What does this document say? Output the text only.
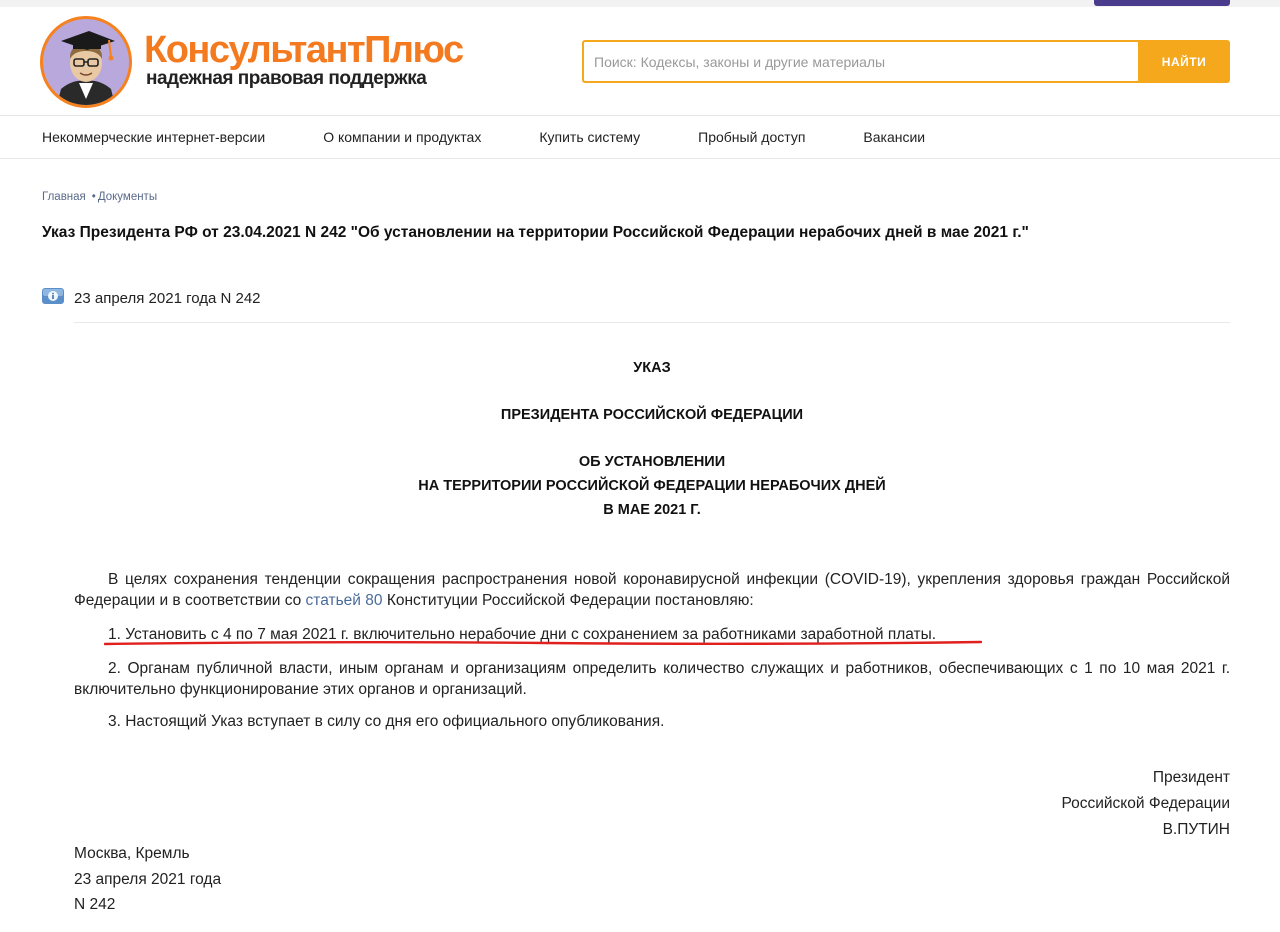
КонсультантПлюс
надежная правовая поддержка
Поиск: Кодексы, законы и другие материалы
НАЙТИ
Некоммерческие интернет-версии	О компании и продуктах	Купить систему	Пробный доступ	Вакансии
Главная • Документы
Указ Президента РФ от 23.04.2021 N 242 "Об установлении на территории Российской Федерации нерабочих дней в мае 2021 г."
23 апреля 2021 года N 242
УКАЗ
ПРЕЗИДЕНТА РОССИЙСКОЙ ФЕДЕРАЦИИ
ОБ УСТАНОВЛЕНИИ
НА ТЕРРИТОРИИ РОССИЙСКОЙ ФЕДЕРАЦИИ НЕРАБОЧИХ ДНЕЙ
В МАЕ 2021 Г.

В целях сохранения тенденции сокращения распространения новой коронавирусной инфекции (COVID-19), укрепления здоровья граждан Российской Федерации и в соответствии со статьей 80 Конституции Российской Федерации постановляю:

1. Установить с 4 по 7 мая 2021 г. включительно нерабочие дни с сохранением за работниками заработной платы.

2. Органам публичной власти, иным органам и организациям определить количество служащих и работников, обеспечивающих с 1 по 10 мая 2021 г. включительно функционирование этих органов и организаций.

3. Настоящий Указ вступает в силу со дня его официального опубликования.
Президент
Российской Федерации
В.ПУТИН
Москва, Кремль
23 апреля 2021 года
N 242
